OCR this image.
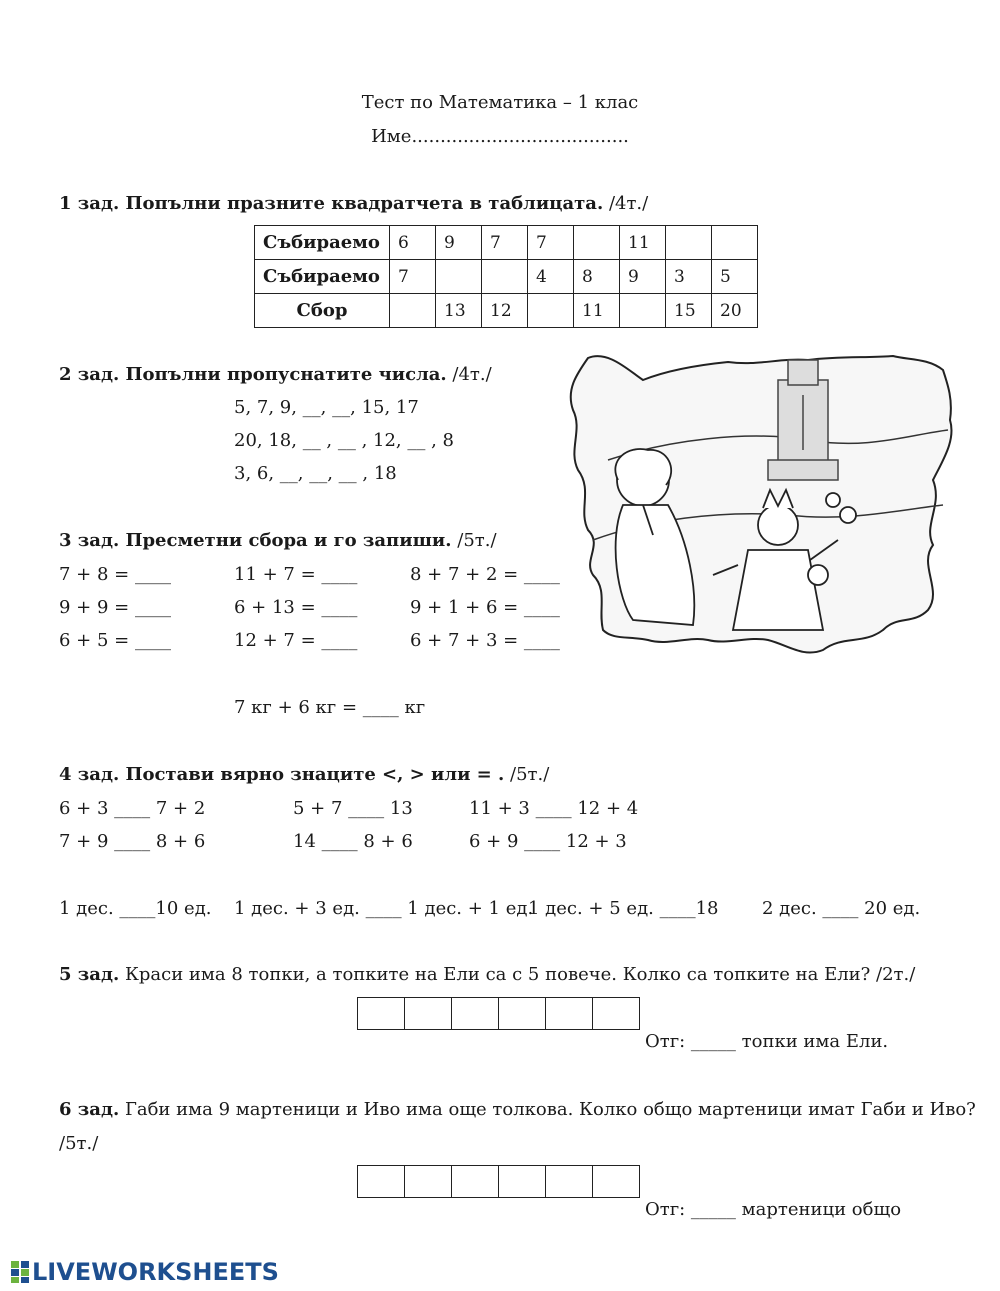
Тест по Математика – 1 клас
Име......................................
1 зад. Попълни празните квадратчета в таблицата. /4т./
Събираемо	6	9	7	7		11		
Събираемо	7			4	8	9	3	5
Сбор		13	12		11		15	20
2 зад. Попълни пропуснатите числа. /4т./
5, 7, 9, __, __, 15, 17
20, 18, __ , __ , 12, __ , 8
3, 6, __, __, __ , 18
3 зад. Пресметни сбора и го запиши. /5т./
7 + 8 = ____
9 + 9 = ____
6 + 5 = ____
11 + 7 = ____
6 + 13 = ____
12 + 7 = ____
8 + 7 + 2 = ____
9 + 1 + 6 = ____
6 + 7 + 3 = ____
7 кг + 6 кг = ____ кг
4 зад. Постави вярно знаците <, > или = . /5т./
6 + 3 ____ 7 + 2
7 + 9 ____ 8 + 6
5 + 7 ____ 13
14 ____ 8 + 6
11 + 3 ____ 12 + 4
6 + 9 ____ 12 + 3
1 дес. ____10 ед. 1 дес. + 3 ед. ____ 1 дес. + 1 ед.
1 дес. + 5 ед. ____18 2 дес. ____ 20 ед.
5 зад. Краси има 8 топки, а топките на Ели са с 5 повече. Колко са топките на Ели? /2т./
Отг: _____ топки има Ели.
6 зад. Габи има 9 мартеници и Иво има още толкова. Колко общо мартеници имат Габи и Иво?
/5т./
Отг: _____ мартеници общо
LIVEWORKSHEETS
